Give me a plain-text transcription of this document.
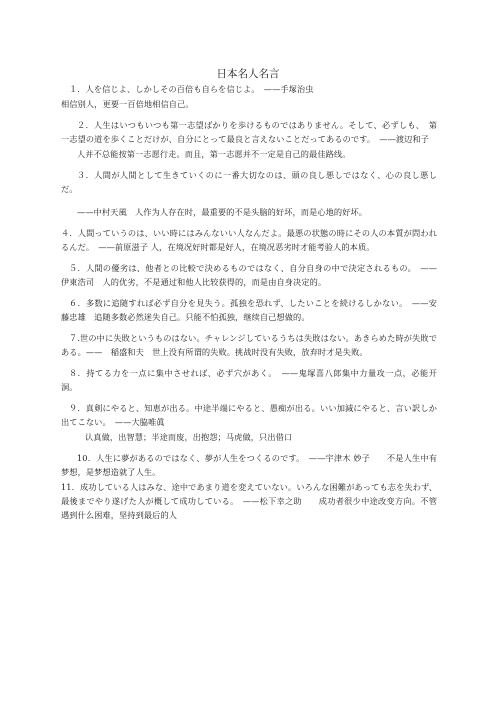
日本名人名言

１．人を信じよ、しかしその百倍も自らを信じよ。　——手塚治虫

相信别人，更要一百倍地相信自己。

２．人生はいつもいつも第一志望ばかりを歩けるものではありません。そして、必ずしも、　第一志望の道を歩くことだけが、自分にとって最良と言えないことだってあるのです。　——渡辺和子

人并不总能按第一志愿行走。而且，第一志愿并不一定是自己的最佳路线。

３．人間が人間として生きていくのに一番大切なのは、頭の良し悪しではなく、心の良し悪しだ。

——中村天風　人作为人存在时，最重要的不是头脑的好坏，而是心地的好坏。

４．人間っていうのは、いい時にはみんないい人なんだよ。最悪の状態の時にその人の本質が問われるんだ。　——前原滋子 人，在境况好时都是好人，在境况恶劣时才能考验人的本质。

５．人間の優劣は、他者との比較で決めるものではなく、自分自身の中で決定されるもの。　——伊東浩司　人的优劣，不是通过和他人比较获得的，而是由自身决定的。

６．多数に追随すれば必ず自分を見失う。孤独を恐れず、したいことを続けるしかない。　——安藤忠雄　追随多数必然迷失自己。只能不怕孤独，继续自己想做的。

７.世の中に失敗というものはない。チャレンジしているうちは失敗はない。あきらめた時が失敗である。——　稲盛和夫　世上没有所谓的失败。挑战时没有失败，放弃时才是失败。

８．持てる力を一点に集中させれば、必ず穴があく。　——鬼塚喜八郎集中力量攻一点，必能开洞。

９．真剣にやると、知恵が出る。中途半端にやると、愚痴が出る。いい加減にやると、言い訳しか出てこない。　——大脇唯眞

认真做，出智慧；半途而废，出抱怨；马虎做，只出借口

10．人生に夢があるのではなく、夢が人生をつくるのです。　——宇津木 妙子　　不是人生中有梦想，是梦想造就了人生。

11．成功している人はみな、途中であまり道を変えていない。いろんな困難があっても志を失わず、最後までやり遂げた人が概して成功している。　——松下幸之助　　成功者很少中途改变方向。不管遇到什么困难，坚持到最后的人
